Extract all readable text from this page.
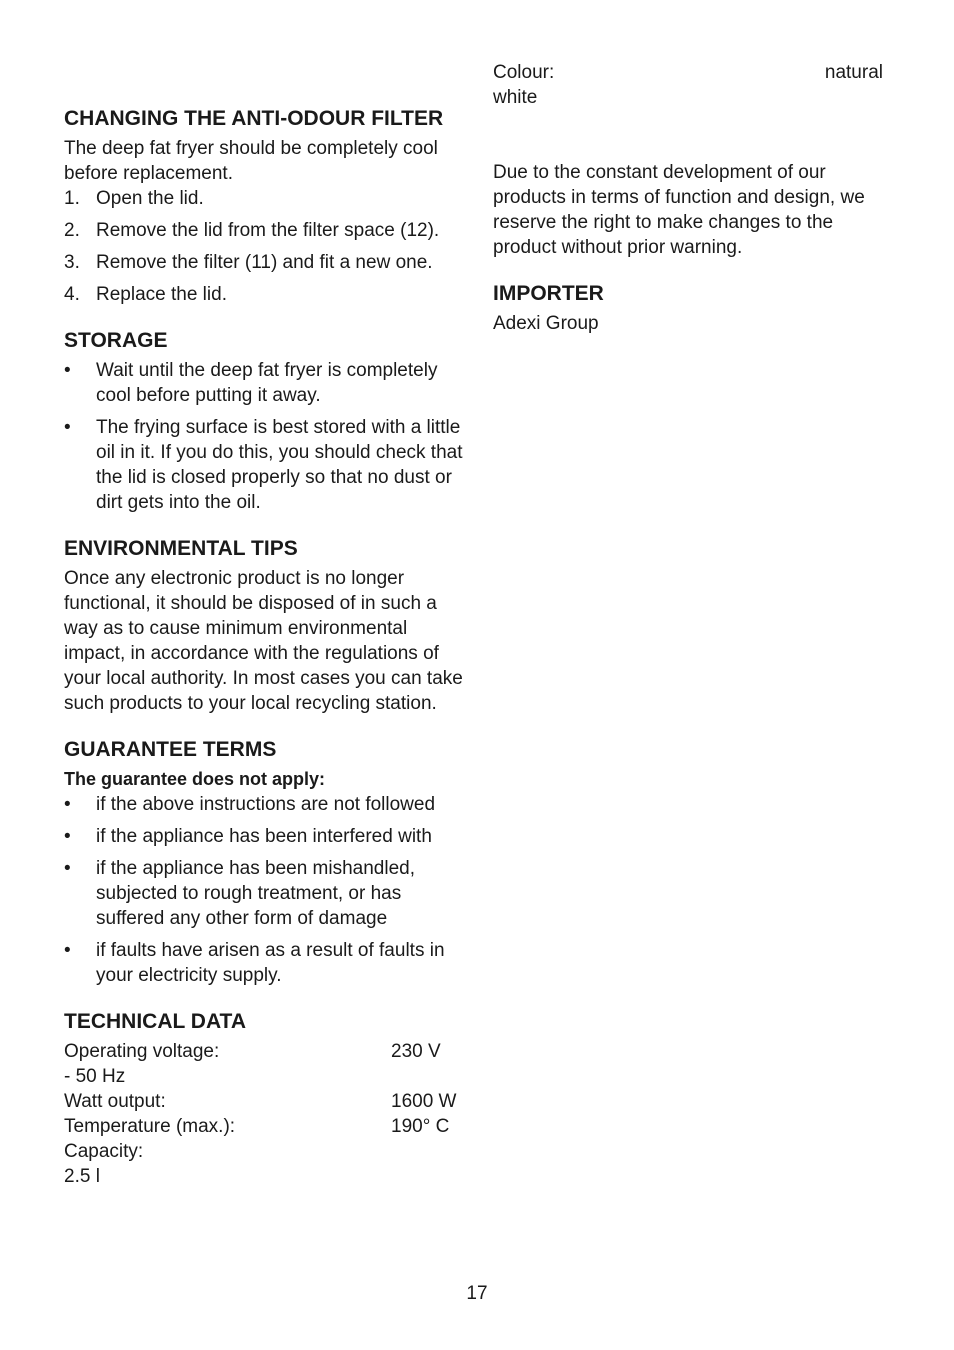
CHANGING THE ANTI-ODOUR FILTER

The deep fat fryer should be completely cool before replacement.

1. Open the lid.
2. Remove the lid from the filter space (12).
3. Remove the filter (11) and fit a new one.
4. Replace the lid.
STORAGE
•	Wait until the deep fat fryer is completely cool before putting it away.
•	The frying surface is best stored with a little oil in it. If you do this, you should check that the lid is closed properly so that no dust or dirt gets into the oil.
ENVIRONMENTAL TIPS

Once any electronic product is no longer functional, it should be disposed of in such a way as to cause minimum environmental impact, in accordance with the regulations of your local authority. In most cases you can take such products to your local recycling station.

GUARANTEE TERMS

The guarantee does not apply:

•	if the above instructions are not followed
•	if the appliance has been interfered with
•	if the appliance has been mishandled, subjected to rough treatment, or has suffered any other form of damage
•	if faults have arisen as a result of faults in your electricity supply.
TECHNICAL DATA
Operating voltage:	230 V
- 50 Hz
Watt output:	1600 W
Temperature (max.):	190° C
Capacity:
2.5 l
Colour:	natural
white

Due to the constant development of our products in terms of function and design, we reserve the right to make changes to the product without prior warning.

IMPORTER

Adexi Group

17
